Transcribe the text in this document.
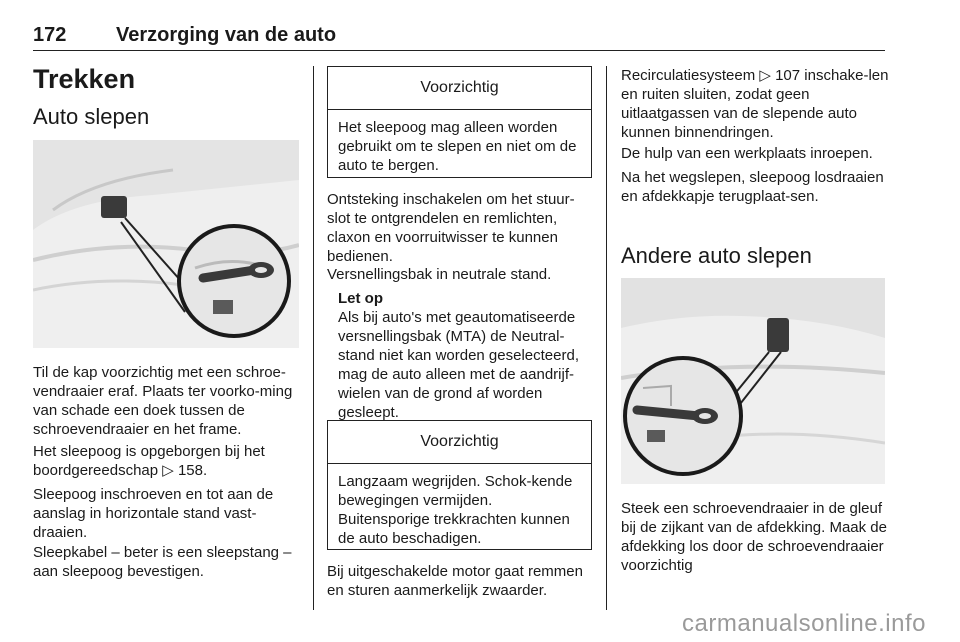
172 Verzorging van de auto
Trekken
Auto slepen

Til de kap voorzichtig met een schroe-vendraaier eraf. Plaats ter voorko-ming van schade een doek tussen de schroevendraaier en het frame.

Het sleepoog is opgeborgen bij het boordgereedschap ▷ 158.

Sleepoog inschroeven en tot aan de aanslag in horizontale stand vast-draaien.

Sleepkabel – beter is een sleepstang – aan sleepoog bevestigen.

Voorzichtig
Het sleepoog mag alleen worden gebruikt om te slepen en niet om de auto te bergen.

Ontsteking inschakelen om het stuur-slot te ontgrendelen en remlichten, claxon en voorruitwisser te kunnen bedienen.

Versnellingsbak in neutrale stand.

Let op

Als bij auto's met geautomatiseerde versnellingsbak (MTA) de Neutral-stand niet kan worden geselecteerd, mag de auto alleen met de aandrijf-wielen van de grond af worden gesleept.

Voorzichtig
Langzaam wegrijden. Schok-kende bewegingen vermijden. Buitensporige trekkrachten kunnen de auto beschadigen.

Bij uitgeschakelde motor gaat remmen en sturen aanmerkelijk zwaarder.

Recirculatiesysteem ▷ 107 inschake-len en ruiten sluiten, zodat geen uitlaatgassen van de slepende auto kunnen binnendringen.

De hulp van een werkplaats inroepen.

Na het wegslepen, sleepoog losdraaien en afdekkapje terugplaat-sen.

Andere auto slepen

Steek een schroevendraaier in de gleuf bij de zijkant van de afdekking. Maak de afdekking los door de schroevendraaier voorzichtig

carmanualsonline.info
